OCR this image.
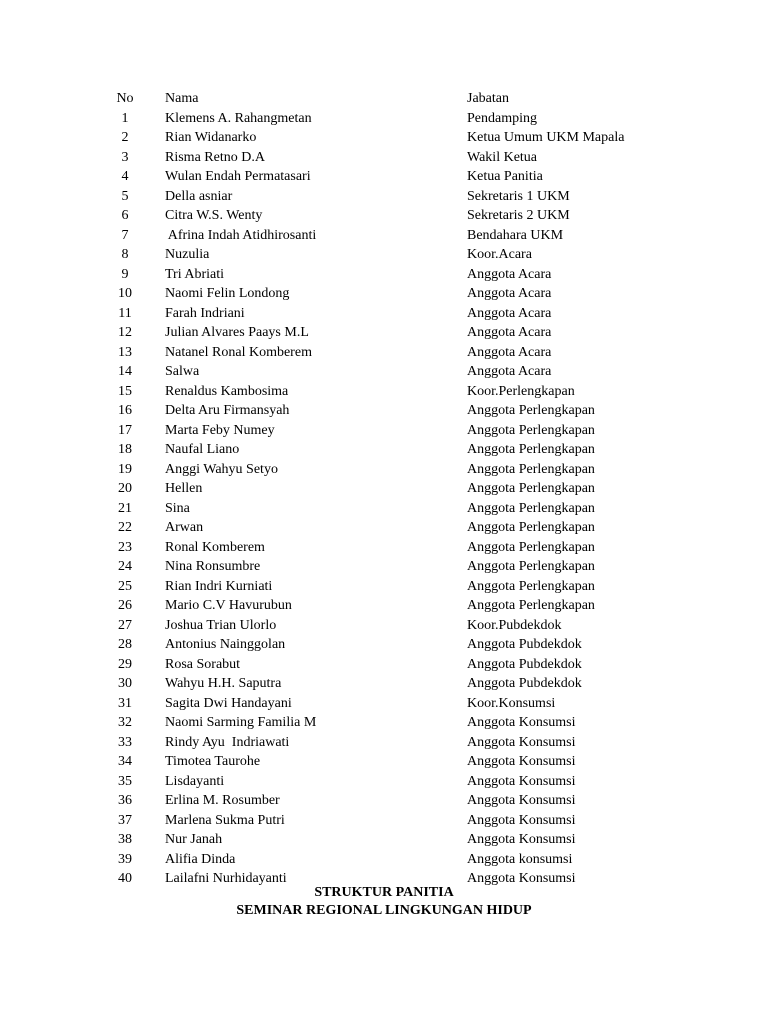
No	Nama	Jabatan
1	Klemens A. Rahangmetan	Pendamping
2	Rian Widanarko	Ketua Umum UKM Mapala
3	Risma Retno D.A	Wakil Ketua
4	Wulan Endah Permatasari	Ketua Panitia
5	Della asniar	Sekretaris 1 UKM
6	Citra W.S. Wenty	Sekretaris 2 UKM
7	Afrina Indah Atidhirosanti	Bendahara UKM
8	Nuzulia	Koor.Acara
9	Tri Abriati	Anggota Acara
10	Naomi Felin Londong	Anggota Acara
11	Farah Indriani	Anggota Acara
12	Julian Alvares Paays M.L	Anggota Acara
13	Natanel Ronal Komberem	Anggota Acara
14	Salwa	Anggota Acara
15	Renaldus Kambosima	Koor.Perlengkapan
16	Delta Aru Firmansyah	Anggota Perlengkapan
17	Marta Feby Numey	Anggota Perlengkapan
18	Naufal Liano	Anggota Perlengkapan
19	Anggi Wahyu Setyo	Anggota Perlengkapan
20	Hellen	Anggota Perlengkapan
21	Sina	Anggota Perlengkapan
22	Arwan	Anggota Perlengkapan
23	Ronal Komberem	Anggota Perlengkapan
24	Nina Ronsumbre	Anggota Perlengkapan
25	Rian Indri Kurniati	Anggota Perlengkapan
26	Mario C.V Havurubun	Anggota Perlengkapan
27	Joshua Trian Ulorlo	Koor.Pubdekdok
28	Antonius Nainggolan	Anggota Pubdekdok
29	Rosa Sorabut	Anggota Pubdekdok
30	Wahyu H.H. Saputra	Anggota Pubdekdok
31	Sagita Dwi Handayani	Koor.Konsumsi
32	Naomi Sarming Familia M	Anggota Konsumsi
33	Rindy Ayu  Indriawati	Anggota Konsumsi
34	Timotea Taurohe	Anggota Konsumsi
35	Lisdayanti	Anggota Konsumsi
36	Erlina M. Rosumber	Anggota Konsumsi
37	Marlena Sukma Putri	Anggota Konsumsi
38	Nur Janah	Anggota Konsumsi
39	Alifia Dinda	Anggota konsumsi
40	Lailafni Nurhidayanti	Anggota Konsumsi
STRUKTUR PANITIA
SEMINAR REGIONAL LINGKUNGAN HIDUP
